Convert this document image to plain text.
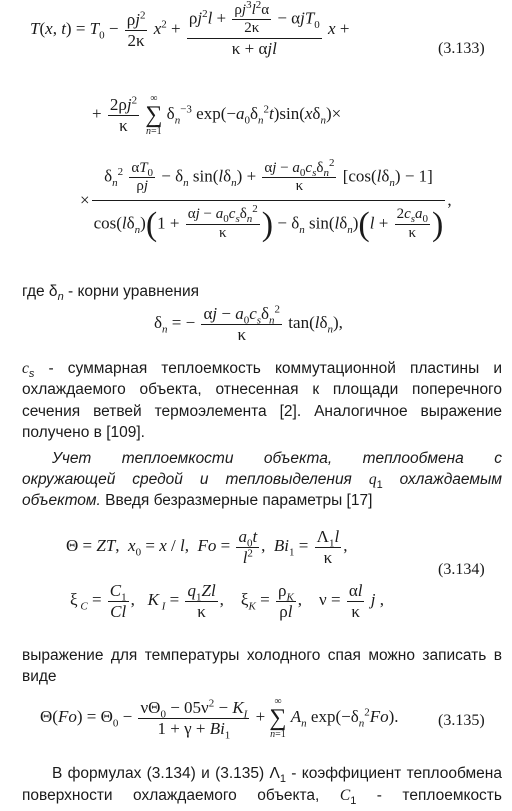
T(x, $t) = T_0 - \frac{\rho j^2}{2\kappa} x^2 + \frac{\rho j^2l + \frac{\rho j^3l^2\alpha}{2\kappa} - \alpha jT_0}{\text{κ + αjl}}$ x +
(3.133)
+ $\frac{2\rho j^2}{\kappa}$
	∞
∑
n=1
$\delta_n^{-3}$ $\exp(-a_0\delta_n^2t)\sin(x\delta_n)\times$
×
$\delta_n^2 \frac{\alpha T_0}{\rho j} - \delta_n$ $\sin(l\delta_n) + \frac{\alpha j - a_0c_s\delta_n^2}{\kappa} [\cos(l\delta_n) - 1]$
$\cos(l\delta_n)(1 + \frac{\alpha j - a_0c_s\delta_n^2}{\kappa}$ ) − $\delta_n$ $\sin(l\delta_n)(l + \frac{2c_sa_0}{\kappa}$ )
,
где $\delta_n$ - корни уравнения
$\delta_n$ = − $\frac{\alpha j - a_0c_s\delta_n^2}{\kappa} \tan(l\delta_n)$,
$c_s$ - суммарная теплоемкость коммутационной пластины и
охлаждаемого объекта, отнесенная к площади поперечного
сечения ветвей термоэлемента [2]. Аналогичное выражение
получено в [109].
Учет теплоемкости объекта, теплообмена с
окружающей средой и тепловыделения $q_1$ охлаждаемым
объектом. Введя безразмерные параметры [17]
Θ = ZT,  $x_0 = x / l$,  $Fo = \frac{a_0t}{l^2}$ ,  $Bi_1 = \frac{\Lambda_1l}{\kappa}$ ,
(3.134)
ξ $_C = \frac{C_1}{Cl}$ ,   K $_I = \frac{q_1Zl}{\kappa}$ ,    $\xi_K = \frac{\rho_K}{\rho l}$ ,    $\nu = \frac{\alpha l}{\kappa}$ j ,
выражение для температуры холодного спая можно записать в
виде
$\Theta(Fo) = \Theta_0 - \frac{\nu\Theta_0 - 05\nu^2 - K_I}{1 + \gamma + Bi_1}$ +
∞
∑
n=1
$A_n$ $\exp(-\delta_n^2Fo)$. (3.135)
В формулах (3.134) и (3.135) $\Lambda_1$ - коэффициент теплообмена
поверхности охлаждаемого объекта, $C_1$ - теплоемкость
